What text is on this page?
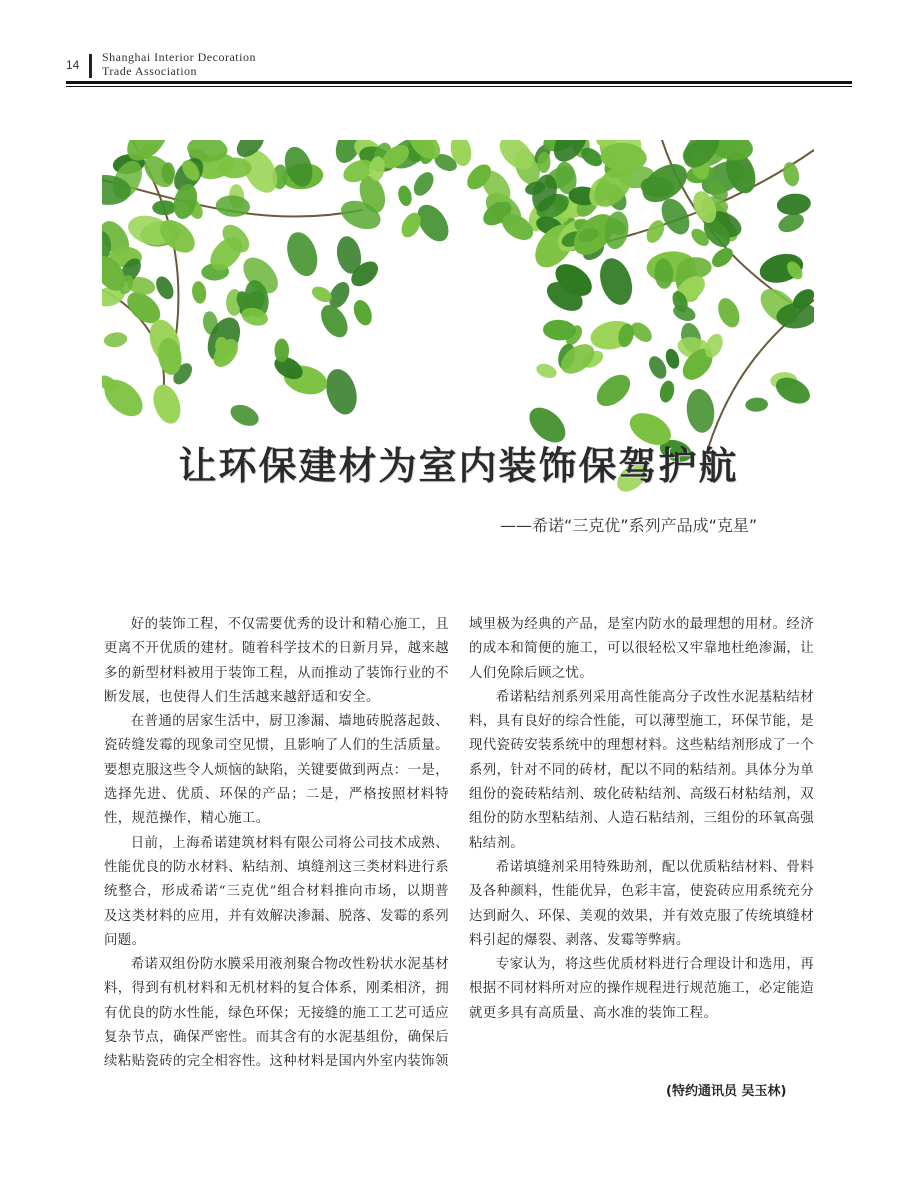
14
Shanghai Interior Decoration
Trade Association
让环保建材为室内装饰保驾护航
——希诺“三克优”系列产品成“克星”

好的装饰工程，不仅需要优秀的设计和精心施工，且更离不开优质的建材。随着科学技术的日新月异，越来越多的新型材料被用于装饰工程，从而推动了装饰行业的不断发展，也使得人们生活越来越舒适和安全。

在普通的居家生活中，厨卫渗漏、墙地砖脱落起鼓、瓷砖缝发霉的现象司空见惯，且影响了人们的生活质量。要想克服这些令人烦恼的缺陷，关键要做到两点：一是，选择先进、优质、环保的产品；二是，严格按照材料特性，规范操作，精心施工。

日前，上海希诺建筑材料有限公司将公司技术成熟、性能优良的防水材料、粘结剂、填缝剂这三类材料进行系统整合，形成希诺“三克优”组合材料推向市场，以期普及这类材料的应用，并有效解决渗漏、脱落、发霉的系列问题。

希诺双组份防水膜采用液剂聚合物改性粉状水泥基材料，得到有机材料和无机材料的复合体系，刚柔相济，拥有优良的防水性能，绿色环保；无接缝的施工工艺可适应复杂节点，确保严密性。而其含有的水泥基组份，确保后续粘贴瓷砖的完全相容性。这种材料是国内外室内装饰领

域里极为经典的产品，是室内防水的最理想的用材。经济的成本和简便的施工，可以很轻松又牢靠地杜绝渗漏，让人们免除后顾之忧。

希诺粘结剂系列采用高性能高分子改性水泥基粘结材料，具有良好的综合性能，可以薄型施工，环保节能，是现代瓷砖安装系统中的理想材料。这些粘结剂形成了一个系列，针对不同的砖材，配以不同的粘结剂。具体分为单组份的瓷砖粘结剂、玻化砖粘结剂、高级石材粘结剂，双组份的防水型粘结剂、人造石粘结剂，三组份的环氧高强粘结剂。

希诺填缝剂采用特殊助剂，配以优质粘结材料、骨料及各种颜料，性能优异，色彩丰富，使瓷砖应用系统充分达到耐久、环保、美观的效果，并有效克服了传统填缝材料引起的爆裂、剥落、发霉等弊病。

专家认为，将这些优质材料进行合理设计和选用，再根据不同材料所对应的操作规程进行规范施工，必定能造就更多具有高质量、高水准的装饰工程。

(特约通讯员 吴玉林)
